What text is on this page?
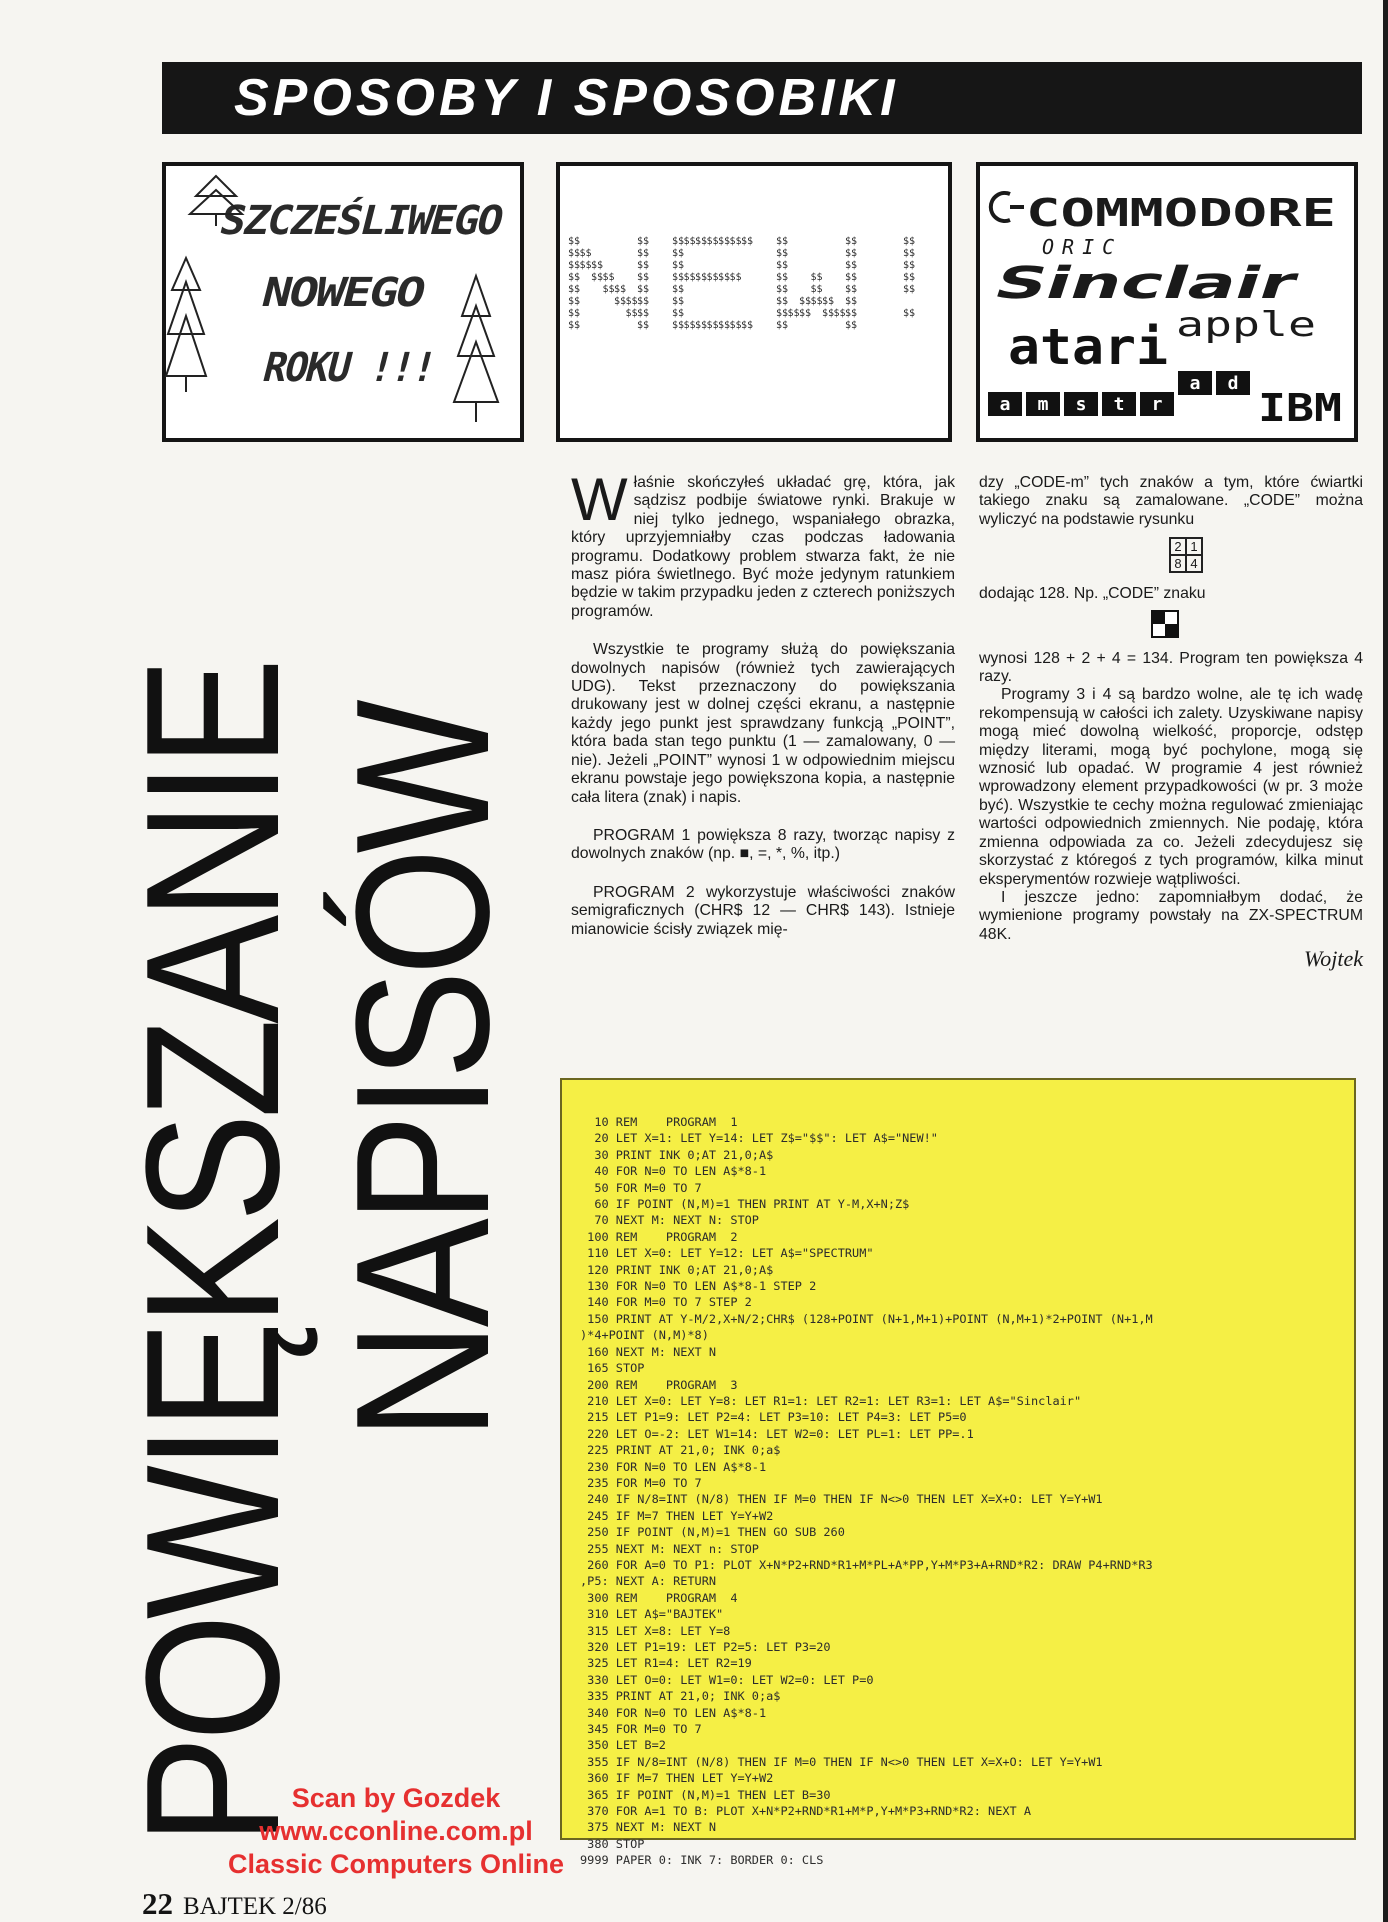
SPOSOBY I SPOSOBIKI
SZCZEŚLIWEGO
NOWEGO
ROKU !!!
$$	$$
$$ $$	$$
$$ $$ $$	$$
$$ $$ $$ $$
$$ $$ $$ $$
$$	$$ $$ $$
$$	$$ $$
$$	$$
$$ $$ $$ $$ $$ $$ $$
$$
$$
$$ $$ $$ $$ $$ $$
$$
$$
$$
$$ $$ $$ $$ $$ $$ $$
$$	$$
$$	$$
$$	$$
$$ $$ $$
$$ $$ $$
$$ $$ $$ $$ $$
$$ $$ $$ $$ $$ $$
$$	$$
$$
$$
$$
$$
$$
$$
COMMODORE
ORIC
Sinclair
atari apple
a m s t r
a d
IBM
POWIĘKSZANIE
NAPISÓW

Właśnie skończyłeś układać grę, która, jak sądzisz podbije światowe rynki. Brakuje w niej tylko jednego, wspaniałego obrazka, który uprzyjemniałby czas podczas ładowania programu. Dodatkowy problem stwarza fakt, że nie masz pióra świetlnego. Być może jedynym ratunkiem będzie w takim przypadku jeden z czterech poniższych programów.

Wszystkie te programy służą do powiększania dowolnych napisów (również tych zawierających UDG). Tekst przeznaczony do powiększania drukowany jest w dolnej części ekranu, a następnie każdy jego punkt jest sprawdzany funkcją „POINT”, która bada stan tego punktu (1 — zamalowany, 0 — nie). Jeżeli „POINT” wynosi 1 w odpowiednim miejscu ekranu powstaje jego powiększona kopia, a następnie cała litera (znak) i napis.

PROGRAM 1 powiększa 8 razy, tworząc napisy z dowolnych znaków (np. ■, =, *, %, itp.)

PROGRAM 2 wykorzystuje właściwości znaków semigraficznych (CHR$ 12 — CHR$ 143). Istnieje mianowicie ścisły związek mię-

dzy „CODE-m” tych znaków a tym, które ćwiartki takiego znaku są zamalowane. „CODE” można wyliczyć na podstawie rysunku

2 1
8 4

dodając 128. Np. „CODE” znaku

wynosi 128 + 2 + 4 = 134. Program ten powiększa 4 razy.

Programy 3 i 4 są bardzo wolne, ale tę ich wadę rekompensują w całości ich zalety. Uzyskiwane napisy mogą mieć dowolną wielkość, proporcje, odstęp między literami, mogą być pochylone, mogą się wznosić lub opadać. W programie 4 jest również wprowadzony element przypadkowości (w pr. 3 może być). Wszystkie te cechy można regulować zmieniając wartości odpowiednich zmiennych. Nie podaję, która zmienna odpowiada za co. Jeżeli zdecydujesz się skorzystać z któregoś z tych programów, kilka minut eksperymentów rozwieje wątpliwości.

I jeszcze jedno: zapomniałbym dodać, że wymienione programy powstały na ZX-SPECTRUM 48K.

Wojtek
10 REM    PROGRAM  1
20 LET X=1: LET Y=14: LET Z$="$$": LET A$="NEW!"
30 PRINT INK 0;AT 21,0;A$
40 FOR N=0 TO LEN A$*8-1
50 FOR M=0 TO 7
60 IF POINT (N,M)=1 THEN PRINT AT Y-M,X+N;Z$
70 NEXT M: NEXT N: STOP
100 REM    PROGRAM  2
110 LET X=0: LET Y=12: LET A$="SPECTRUM"
120 PRINT INK 0;AT 21,0;A$
130 FOR N=0 TO LEN A$*8-1 STEP 2
140 FOR M=0 TO 7 STEP 2
150 PRINT AT Y-M/2,X+N/2;CHR$ (128+POINT (N+1,M+1)+POINT (N,M+1)*2+POINT (N+1,M
)*4+POINT (N,M)*8)
160 NEXT M: NEXT N
165 STOP
200 REM    PROGRAM  3
210 LET X=0: LET Y=8: LET R1=1: LET R2=1: LET R3=1: LET A$="Sinclair"
215 LET P1=9: LET P2=4: LET P3=10: LET P4=3: LET P5=0
220 LET O=-2: LET W1=14: LET W2=0: LET PL=1: LET PP=.1
225 PRINT AT 21,0; INK 0;a$
230 FOR N=0 TO LEN A$*8-1
235 FOR M=0 TO 7
240 IF N/8=INT (N/8) THEN IF M=0 THEN IF N<>0 THEN LET X=X+O: LET Y=Y+W1
245 IF M=7 THEN LET Y=Y+W2
250 IF POINT (N,M)=1 THEN GO SUB 260
255 NEXT M: NEXT n: STOP
260 FOR A=0 TO P1: PLOT X+N*P2+RND*R1+M*PL+A*PP,Y+M*P3+A+RND*R2: DRAW P4+RND*R3
,P5: NEXT A: RETURN
300 REM    PROGRAM  4
310 LET A$="BAJTEK"
315 LET X=8: LET Y=8
320 LET P1=19: LET P2=5: LET P3=20
325 LET R1=4: LET R2=19
330 LET O=0: LET W1=0: LET W2=0: LET P=0
335 PRINT AT 21,0; INK 0;a$
340 FOR N=0 TO LEN A$*8-1
345 FOR M=0 TO 7
350 LET B=2
355 IF N/8=INT (N/8) THEN IF M=0 THEN IF N<>0 THEN LET X=X+O: LET Y=Y+W1
360 IF M=7 THEN LET Y=Y+W2
365 IF POINT (N,M)=1 THEN LET B=30
370 FOR A=1 TO B: PLOT X+N*P2+RND*R1+M*P,Y+M*P3+RND*R2: NEXT A
375 NEXT M: NEXT N
380 STOP
9999 PAPER 0: INK 7: BORDER 0: CLS
Scan by Gozdek
www.cconline.com.pl
Classic Computers Online
22 BAJTEK 2/86
